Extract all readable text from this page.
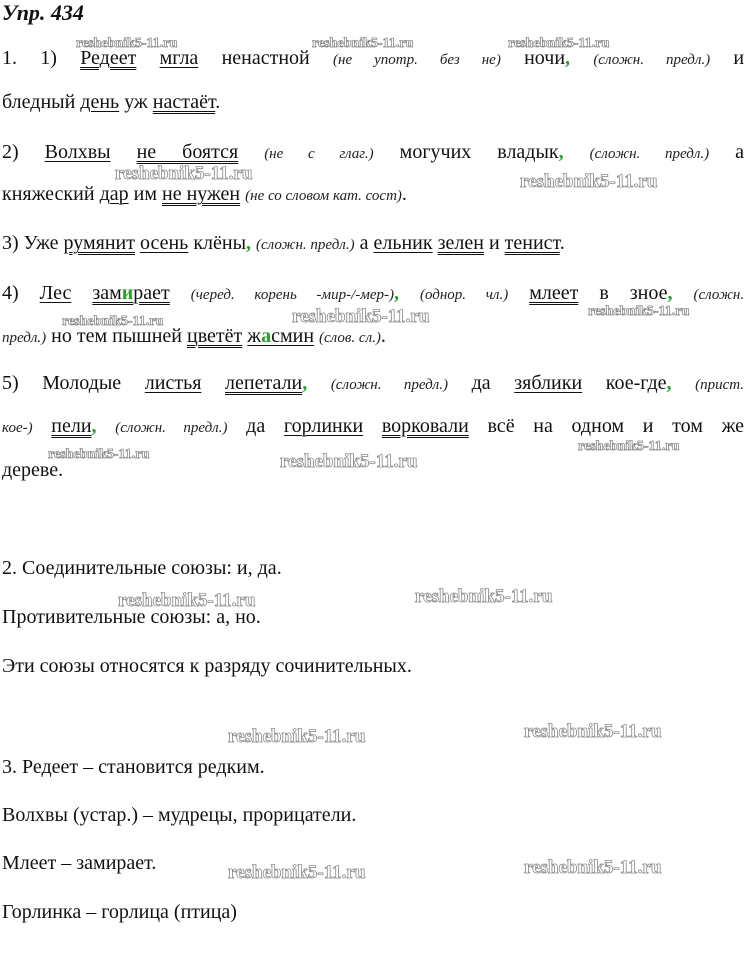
Упр. 434
1. 1) Редеет мгла ненастной (не употр. без не) ночи, (сложн. предл.) и
бледный день уж настаёт.
2) Волхвы не боятся (не с глаг.) могучих владык, (сложн. предл.) а
княжеский дар им не нужен (не со словом кат. сост).
3) Уже румянит осень клёны, (сложн. предл.) а ельник зелен и тенист.
4) Лес замирает (черед. корень -мир-/-мер-), (однор. чл.) млеет в зное, (сложн.
предл.) но тем пышней цветёт жасмин (слов. сл.).
5) Молодые листья лепетали, (сложн. предл.) да зяблики кое-где, (прист.
кое-) пели, (сложн. предл.) да горлинки ворковали всё на одном и том же
дереве.
2. Соединительные союзы: и, да.
Противительные союзы: а, но.
Эти союзы относятся к разряду сочинительных.
3. Редеет – становится редким.
Волхвы (устар.) – мудрецы, прорицатели.
Млеет – замирает.
Горлинка – горлица (птица)
reshebnik5-11.ru	reshebnik5-11.ru	reshebnik5-11.ru
reshebnik5-11.ru	reshebnik5-11.ru
reshebnik5-11.ru	reshebnik5-11.ru	reshebnik5-11.ru
reshebnik5-11.ru	reshebnik5-11.ru
reshebnik5-11.ru
reshebnik5-11.ru	reshebnik5-11.ru
reshebnik5-11.ru	reshebnik5-11.ru
reshebnik5-11.ru	reshebnik5-11.ru
